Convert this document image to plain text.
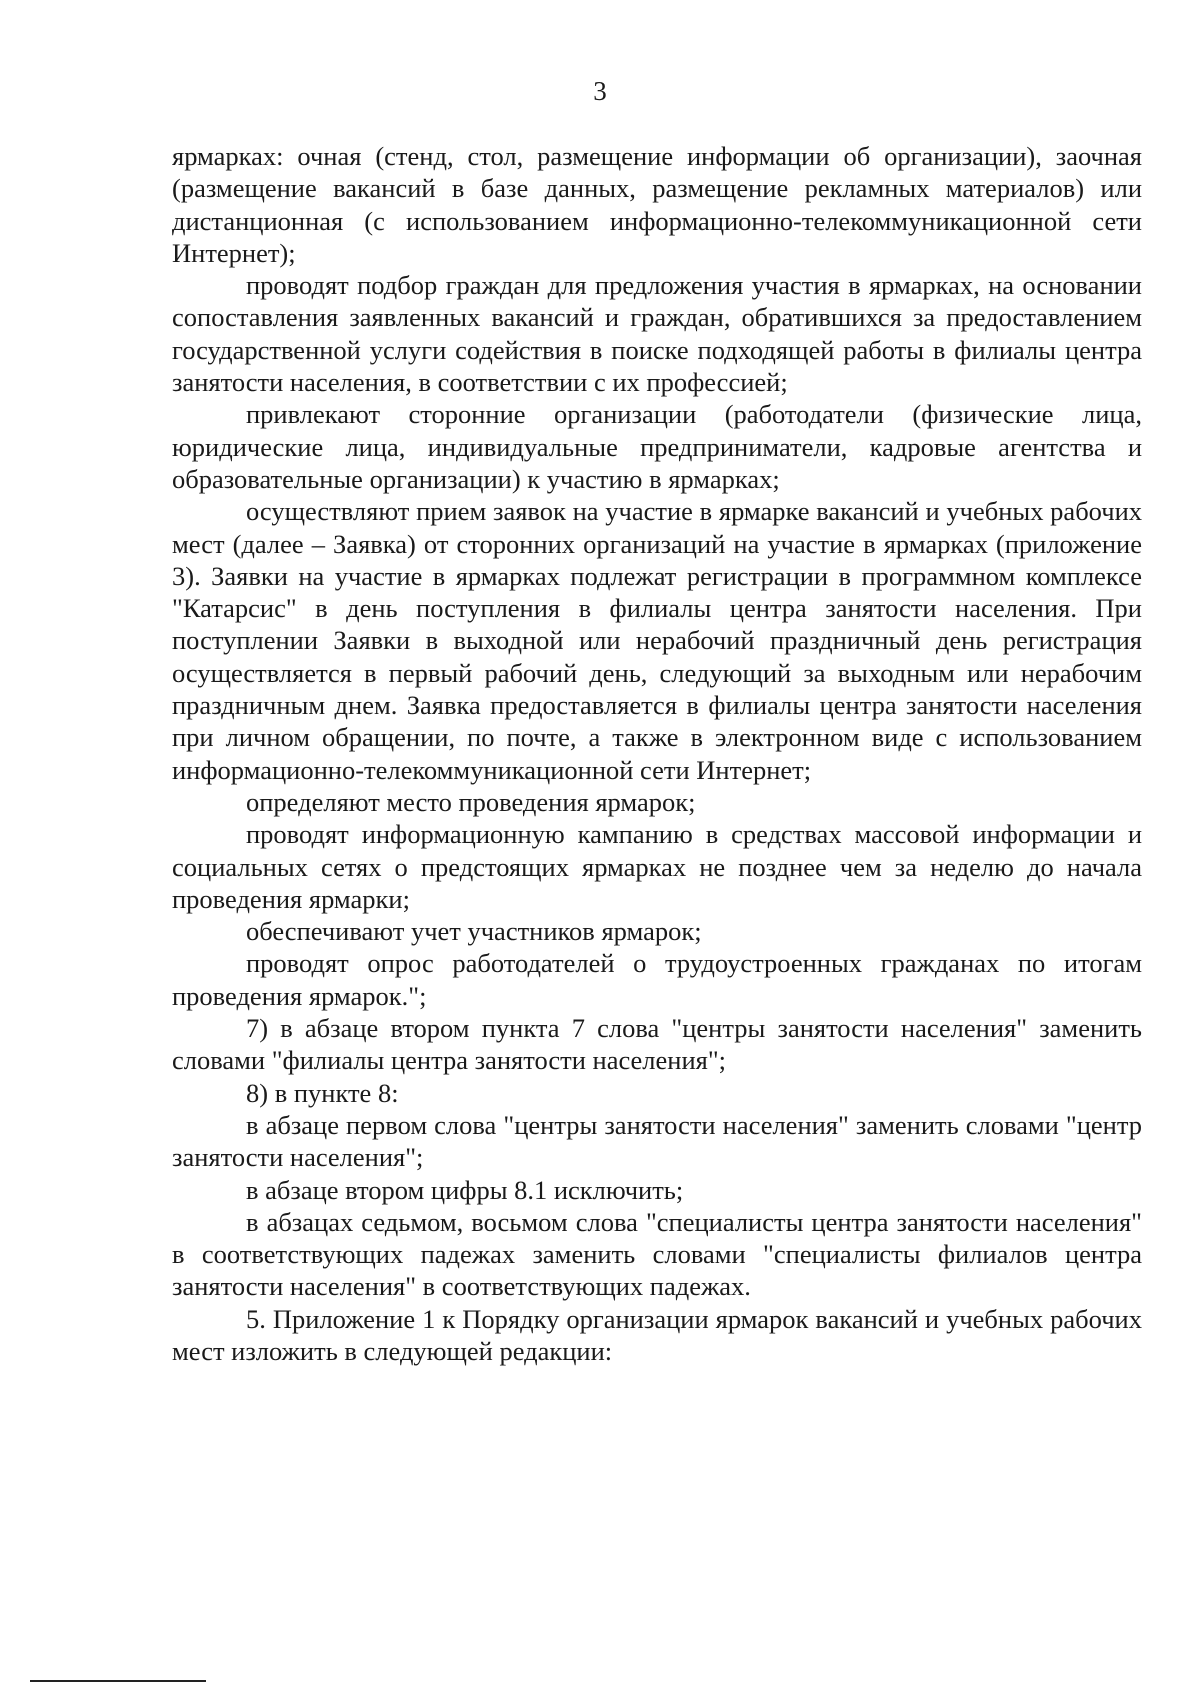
3

ярмарках: очная (стенд, стол, размещение информации об организации), заочная (размещение вакансий в базе данных, размещение рекламных материалов) или дистанционная (с использованием информационно-телекоммуникационной сети Интернет);

проводят подбор граждан для предложения участия в ярмарках, на основании сопоставления заявленных вакансий и граждан, обратившихся за предоставлением государственной услуги содействия в поиске подходящей работы в филиалы центра занятости населения, в соответствии с их профессией;

привлекают сторонние организации (работодатели (физические лица, юридические лица, индивидуальные предприниматели, кадровые агентства и образовательные организации) к участию в ярмарках;

осуществляют прием заявок на участие в ярмарке вакансий и учебных рабочих мест (далее – Заявка) от сторонних организаций на участие в ярмарках (приложение 3). Заявки на участие в ярмарках подлежат регистрации в программном комплексе "Катарсис" в день поступления в филиалы центра занятости населения. При поступлении Заявки в выходной или нерабочий праздничный день регистрация осуществляется в первый рабочий день, следующий за выходным или нерабочим праздничным днем. Заявка предоставляется в филиалы центра занятости населения при личном обращении, по почте, а также в электронном виде с использованием информационно-телекоммуникационной сети Интернет;

определяют место проведения ярмарок;

проводят информационную кампанию в средствах массовой информации и социальных сетях о предстоящих ярмарках не позднее чем за неделю до начала проведения ярмарки;

обеспечивают учет участников ярмарок;

проводят опрос работодателей о трудоустроенных гражданах по итогам проведения ярмарок.";

7) в абзаце втором пункта 7 слова "центры занятости населения" заменить словами "филиалы центра занятости населения";

8) в пункте 8:

в абзаце первом слова "центры занятости населения" заменить словами "центр занятости населения";

в абзаце втором цифры 8.1 исключить;

в абзацах седьмом, восьмом слова "специалисты центра занятости населения" в соответствующих падежах заменить словами "специалисты филиалов центра занятости населения" в соответствующих падежах.

5. Приложение 1 к Порядку организации ярмарок вакансий и учебных рабочих мест изложить в следующей редакции:
